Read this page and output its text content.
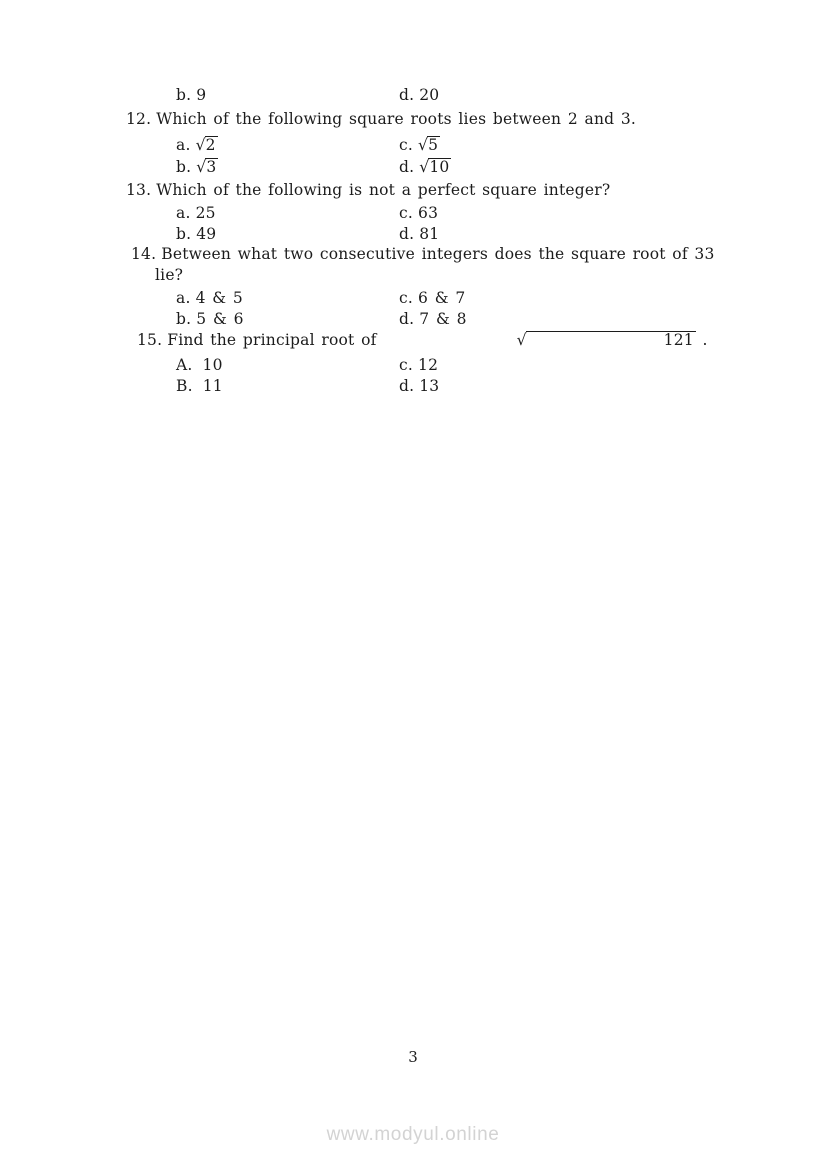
b. 9	d. 20
12. Which of the following square roots lies between 2 and 3.
a. √2	c. √5
b. √3	d. √10
13. Which of the following is not a perfect square integer?
a. 25	c. 63
b. 49	d. 81
14. Between what two consecutive integers does the square root of 33
lie?
a. 4 & 5	c. 6 & 7
b. 5 & 6	d. 7 & 8
15. Find the principal root of	√	121 .
A. 10	c. 12
B. 11	d. 13
3
www.modyul.online
